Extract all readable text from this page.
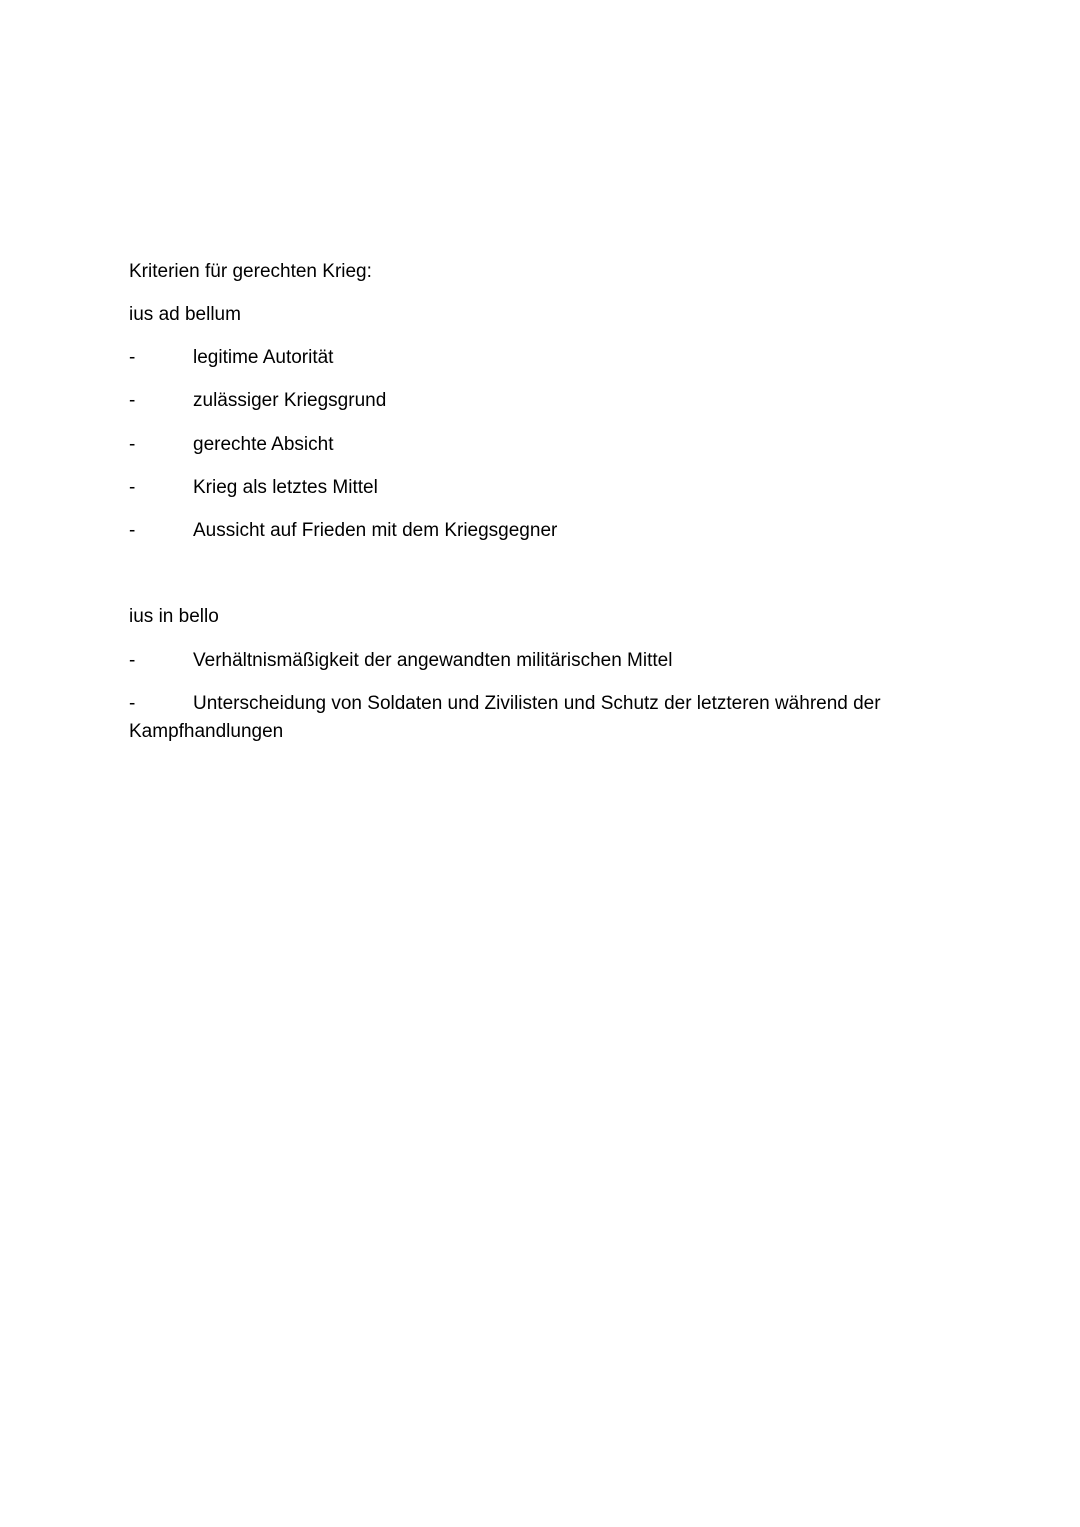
Kriterien für gerechten Krieg:
ius ad bellum
-	legitime Autorität
-	zulässiger Kriegsgrund
-	gerechte Absicht
-	Krieg als letztes Mittel
-	Aussicht auf Frieden mit dem Kriegsgegner
ius in bello
-	Verhältnismäßigkeit der angewandten militärischen Mittel
-	Unterscheidung von Soldaten und Zivilisten und Schutz der letzteren während der
Kampfhandlungen
